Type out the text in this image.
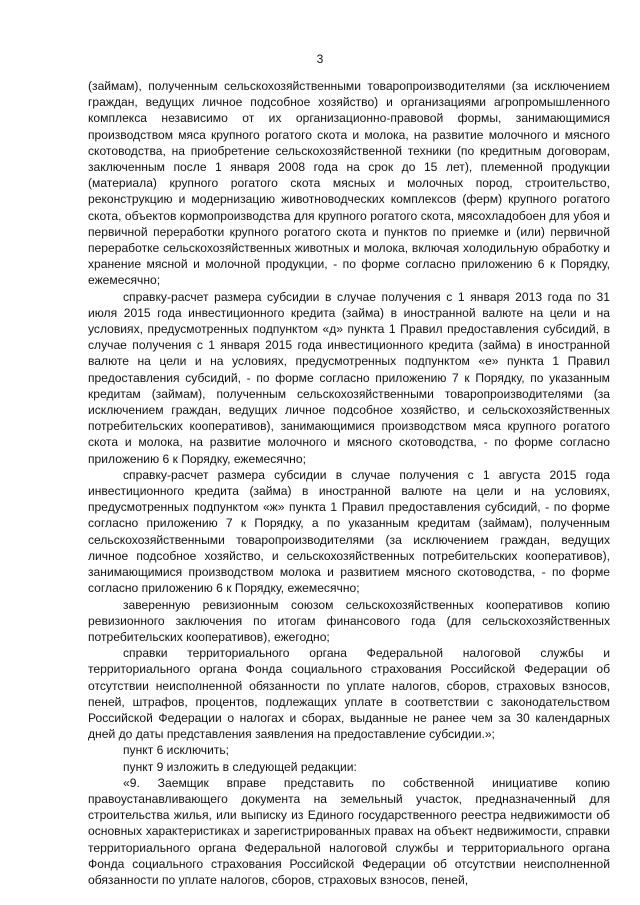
3

(займам), полученным сельскохозяйственными товаропроизводителями (за исключением граждан, ведущих личное подсобное хозяйство) и организациями агропромышленного комплекса независимо от их организационно-правовой формы, занимающимися производством мяса крупного рогатого скота и молока, на развитие молочного и мясного скотоводства, на приобретение сельскохозяйственной техники (по кредитным договорам, заключенным после 1 января 2008 года на срок до 15 лет), племенной продукции (материала) крупного рогатого скота мясных и молочных пород, строительство, реконструкцию и модернизацию животноводческих комплексов (ферм) крупного рогатого скота, объектов кормопроизводства для крупного рогатого скота, мясохладобоен для убоя и первичной переработки крупного рогатого скота и пунктов по приемке и (или) первичной переработке сельскохозяйственных животных и молока, включая холодильную обработку и хранение мясной и молочной продукции, - по форме согласно приложению 6 к Порядку, ежемесячно;

справку-расчет размера субсидии в случае получения с 1 января 2013 года по 31 июля 2015 года инвестиционного кредита (займа) в иностранной валюте на цели и на условиях, предусмотренных подпунктом «д» пункта 1 Правил предоставления субсидий, в случае получения с 1 января 2015 года инвестиционного кредита (займа) в иностранной валюте на цели и на условиях, предусмотренных подпунктом «е» пункта 1 Правил предоставления субсидий, - по форме согласно приложению 7 к Порядку, по указанным кредитам (займам), полученным сельскохозяйственными товаропроизводителями (за исключением граждан, ведущих личное подсобное хозяйство, и сельскохозяйственных потребительских кооперативов), занимающимися производством мяса крупного рогатого скота и молока, на развитие молочного и мясного скотоводства, - по форме согласно приложению 6 к Порядку, ежемесячно;

справку-расчет размера субсидии в случае получения с 1 августа 2015 года инвестиционного кредита (займа) в иностранной валюте на цели и на условиях, предусмотренных подпунктом «ж» пункта 1 Правил предоставления субсидий, - по форме согласно приложению 7 к Порядку, а по указанным кредитам (займам), полученным сельскохозяйственными товаропроизводителями (за исключением граждан, ведущих личное подсобное хозяйство, и сельскохозяйственных потребительских кооперативов), занимающимися производством молока и развитием мясного скотоводства, - по форме согласно приложению 6 к Порядку, ежемесячно;

заверенную ревизионным союзом сельскохозяйственных кооперативов копию ревизионного заключения по итогам финансового года (для сельскохозяйственных потребительских кооперативов), ежегодно;

справки территориального органа Федеральной налоговой службы и территориального органа Фонда социального страхования Российской Федерации об отсутствии неисполненной обязанности по уплате налогов, сборов, страховых взносов, пеней, штрафов, процентов, подлежащих уплате в соответствии с законодательством Российской Федерации о налогах и сборах, выданные не ранее чем за 30 календарных дней до даты представления заявления на предоставление субсидии.»;

пункт 6 исключить;

пункт 9 изложить в следующей редакции:

«9. Заемщик вправе представить по собственной инициативе копию правоустанавливающего документа на земельный участок, предназначенный для строительства жилья, или выписку из Единого государственного реестра недвижимости об основных характеристиках и зарегистрированных правах на объект недвижимости, справки территориального органа Федеральной налоговой службы и территориального органа Фонда социального страхования Российской Федерации об отсутствии неисполненной обязанности по уплате налогов, сборов, страховых взносов, пеней,
